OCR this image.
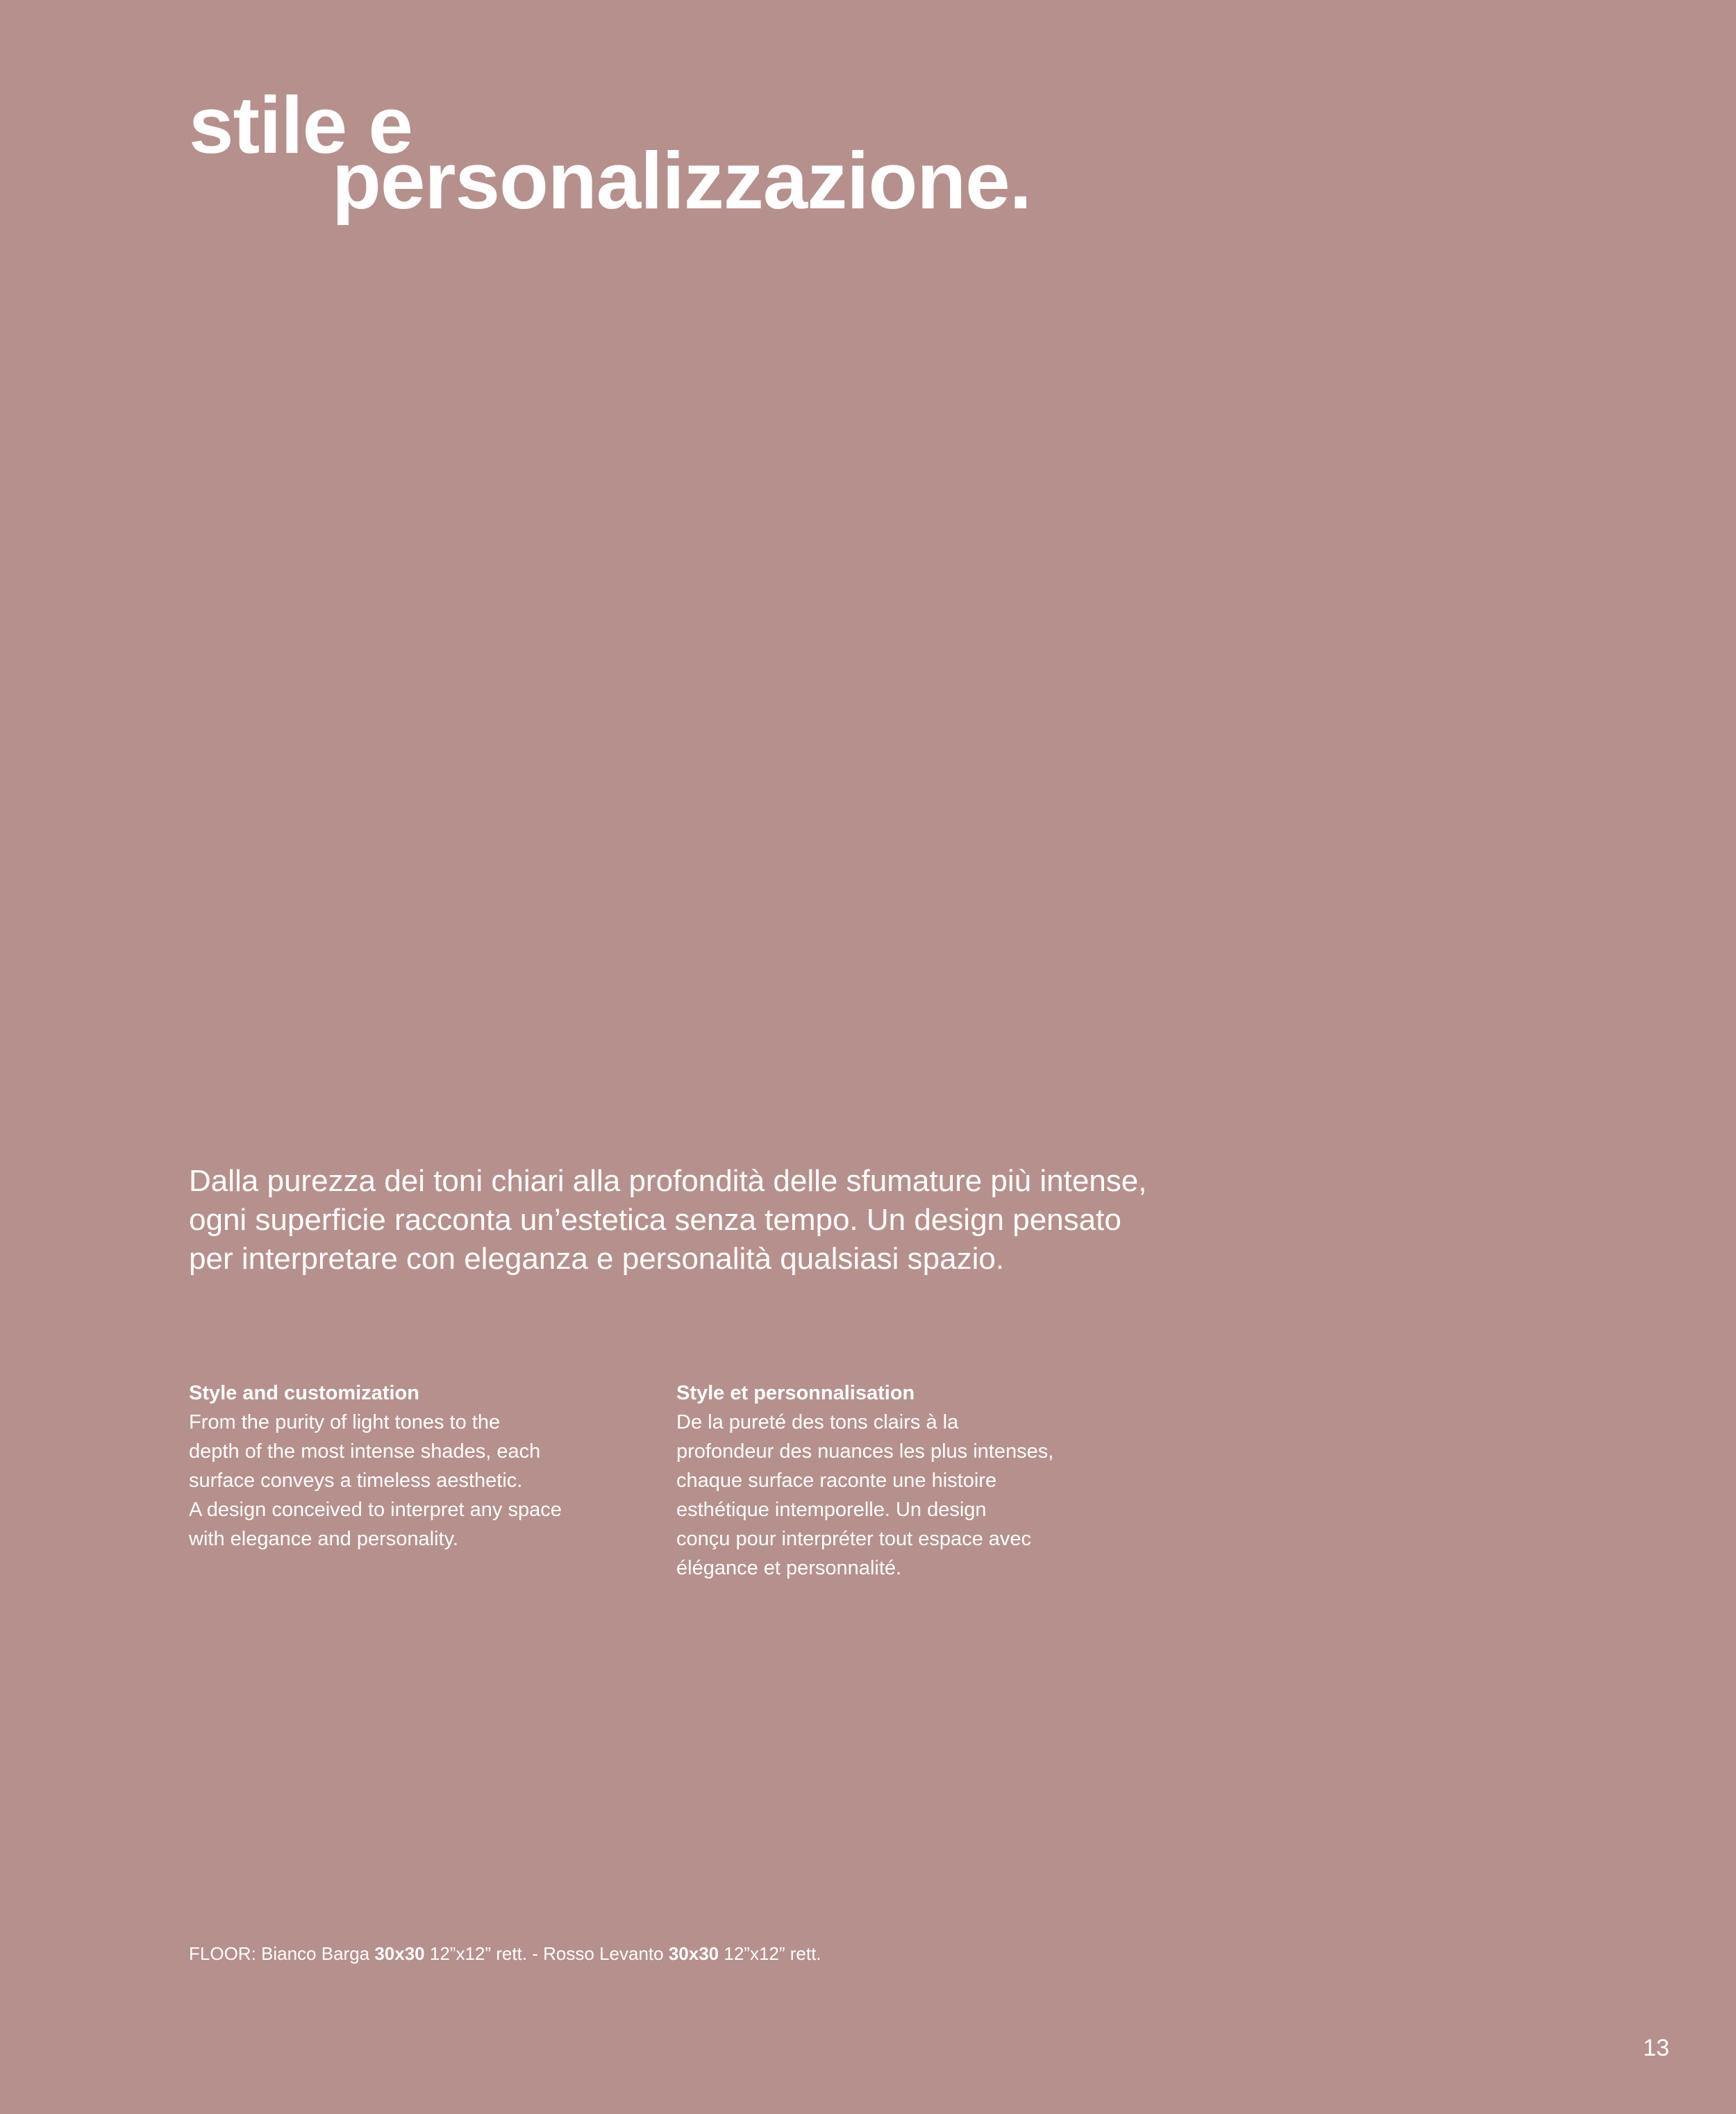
stile e
personalizzazione.

Dalla purezza dei toni chiari alla profondità delle sfumature più intense, ogni superficie racconta un’estetica senza tempo. Un design pensato per interpretare con eleganza e personalità qualsiasi spazio.

Style and customization
From the purity of light tones to the
depth of the most intense shades, each
surface conveys a timeless aesthetic.
A design conceived to interpret any space
with elegance and personality.
Style et personnalisation
De la pureté des tons clairs à la
profondeur des nuances les plus intenses,
chaque surface raconte une histoire
esthétique intemporelle. Un design
conçu pour interpréter tout espace avec
élégance et personnalité.
FLOOR: Bianco Barga 30x30 12”x12” rett. - Rosso Levanto 30x30 12”x12” rett.
13
